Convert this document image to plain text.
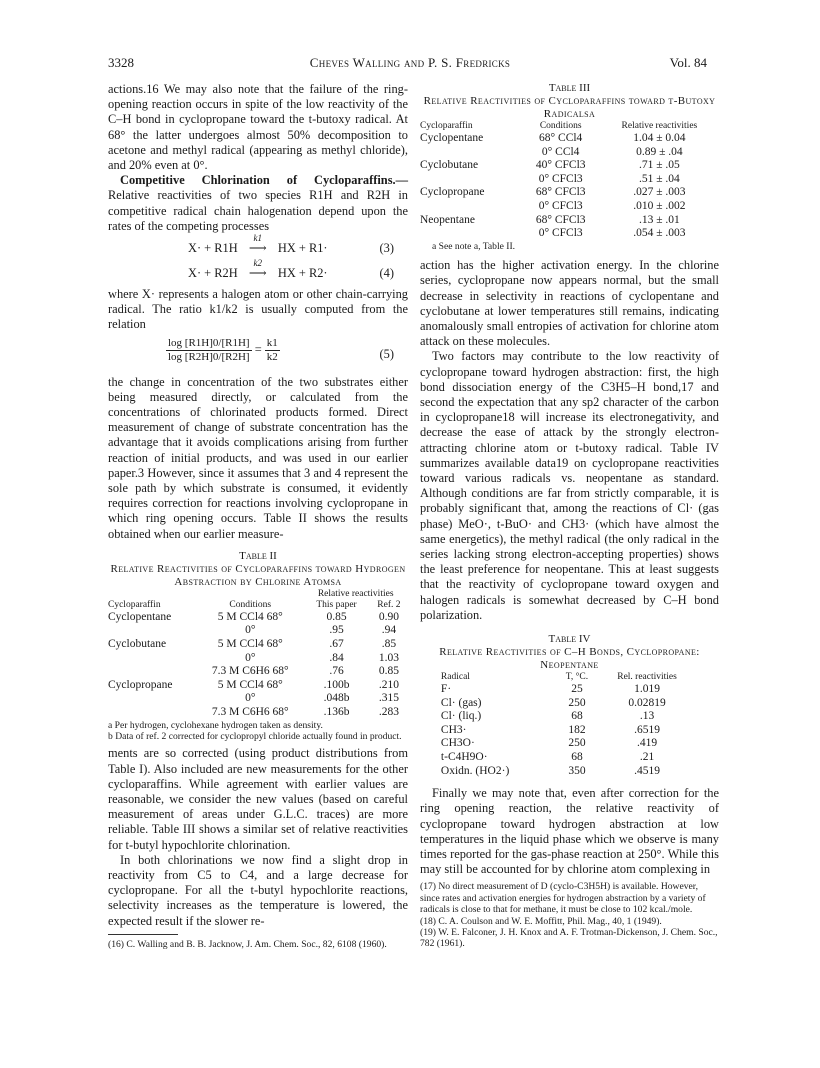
3328	Cheves Walling and P. S. Fredricks	Vol. 84

actions.16 We may also note that the failure of the ring-opening reaction occurs in spite of the low reactivity of the C–H bond in cyclopropane toward the t-butoxy radical. At 68° the latter undergoes almost 50% decomposition to acetone and methyl radical (appearing as methyl chloride), and 20% even at 0°.

Competitive Chlorination of Cycloparaffins.— Relative reactivities of two species R1H and R2H in competitive radical chain halogenation depend upon the rates of the competing processes

X· + R1H
k1
⟶ HX + R1·	(3)
X· + R2H
k2
⟶ HX + R2·	(4)

where X· represents a halogen atom or other chain-carrying radical. The ratio k1/k2 is usually computed from the relation

$\frac{\log [R1H]0/[R1H]}{\log [R2H]0/[R2H]} = \frac{k1}{k2}$	(5)

the change in concentration of the two substrates either being measured directly, or calculated from the concentrations of chlorinated products formed. Direct measurement of change of substrate concentration has the advantage that it avoids complications arising from further reaction of initial products, and was used in our earlier paper.3 However, since it assumes that 3 and 4 represent the sole path by which substrate is consumed, it evidently requires correction for reactions involving cyclopropane in which ring opening occurs. Table II shows the results obtained when our earlier measure-

Table II
Relative Reactivities of Cycloparaffins toward Hydrogen Abstraction by Chlorine Atomsa
		Relative reactivities	
Cycloparaffin	Conditions	This paper	Ref. 2
Cyclopentane	5 M CCl4 68°	0.85	0.90
	0°	.95	.94
Cyclobutane	5 M CCl4 68°	.67	.85
	0°	.84	1.03
	7.3 M C6H6 68°	.76	0.85
Cyclopropane	5 M CCl4 68°	.100b	.210
	0°	.048b	.315
	7.3 M C6H6 68°	.136b	.283
a Per hydrogen, cyclohexane hydrogen taken as density.
b Data of ref. 2 corrected for cyclopropyl chloride actually found in product.

ments are so corrected (using product distributions from Table I). Also included are new measurements for the other cycloparaffins. While agreement with earlier values are reasonable, we consider the new values (based on careful measurement of areas under G.L.C. traces) are more reliable. Table III shows a similar set of relative reactivities for t-butyl hypochlorite chlorination.

In both chlorinations we now find a slight drop in reactivity from C5 to C4, and a large decrease for cyclopropane. For all the t-butyl hypochlorite reactions, selectivity increases as the temperature is lowered, the expected result if the slower re-

(16) C. Walling and B. B. Jacknow, J. Am. Chem. Soc., 82, 6108 (1960).
Table III
Relative Reactivities of Cycloparaffins toward t-Butoxy Radicalsa
Cycloparaffin	Conditions	Relative reactivities
Cyclopentane	68° CCl4	1.04 ± 0.04
	0° CCl4	0.89 ± .04
Cyclobutane	40° CFCl3	.71 ± .05
	0° CFCl3	.51 ± .04
Cyclopropane	68° CFCl3	.027 ± .003
	0° CFCl3	.010 ± .002
Neopentane	68° CFCl3	.13 ± .01
	0° CFCl3	.054 ± .003
a See note a, Table II.

action has the higher activation energy. In the chlorine series, cyclopropane now appears normal, but the small decrease in selectivity in reactions of cyclopentane and cyclobutane at lower temperatures still remains, indicating anomalously small entropies of activation for chlorine atom attack on these molecules.

Two factors may contribute to the low reactivity of cyclopropane toward hydrogen abstraction: first, the high bond dissociation energy of the C3H5–H bond,17 and second the expectation that any sp2 character of the carbon in cyclopropane18 will increase its electronegativity, and decrease the ease of attack by the strongly electron-attracting chlorine atom or t-butoxy radical. Table IV summarizes available data19 on cyclopropane reactivities toward various radicals vs. neopentane as standard. Although conditions are far from strictly comparable, it is probably significant that, among the reactions of Cl· (gas phase) MeO·, t-BuO· and CH3· (which have almost the same energetics), the methyl radical (the only radical in the series lacking strong electron-accepting properties) shows the least preference for neopentane. This at least suggests that the reactivity of cyclopropane toward oxygen and halogen radicals is somewhat decreased by C–H bond polarization.

Table IV
Relative Reactivities of C–H Bonds, Cyclopropane: Neopentane
Radical	T, °C.	Rel. reactivities
F·	25	1.019
Cl· (gas)	250	0.02819
Cl· (liq.)	68	.13
CH3·	182	.6519
CH3O·	250	.419
t-C4H9O·	68	.21
Oxidn. (HO2·)	350	.4519

Finally we may note that, even after correction for the ring opening reaction, the relative reactivity of cyclopropane toward hydrogen abstraction at low temperatures in the liquid phase which we observe is many times reported for the gas-phase reaction at 250°. While this may still be accounted for by chlorine atom complexing in

(17) No direct measurement of D (cyclo-C3H5H) is available. However, since rates and activation energies for hydrogen abstraction by a variety of radicals is close to that for methane, it must be close to 102 kcal./mole.
(18) C. A. Coulson and W. E. Moffitt, Phil. Mag., 40, 1 (1949).
(19) W. E. Falconer, J. H. Knox and A. F. Trotman-Dickenson, J. Chem. Soc., 782 (1961).
